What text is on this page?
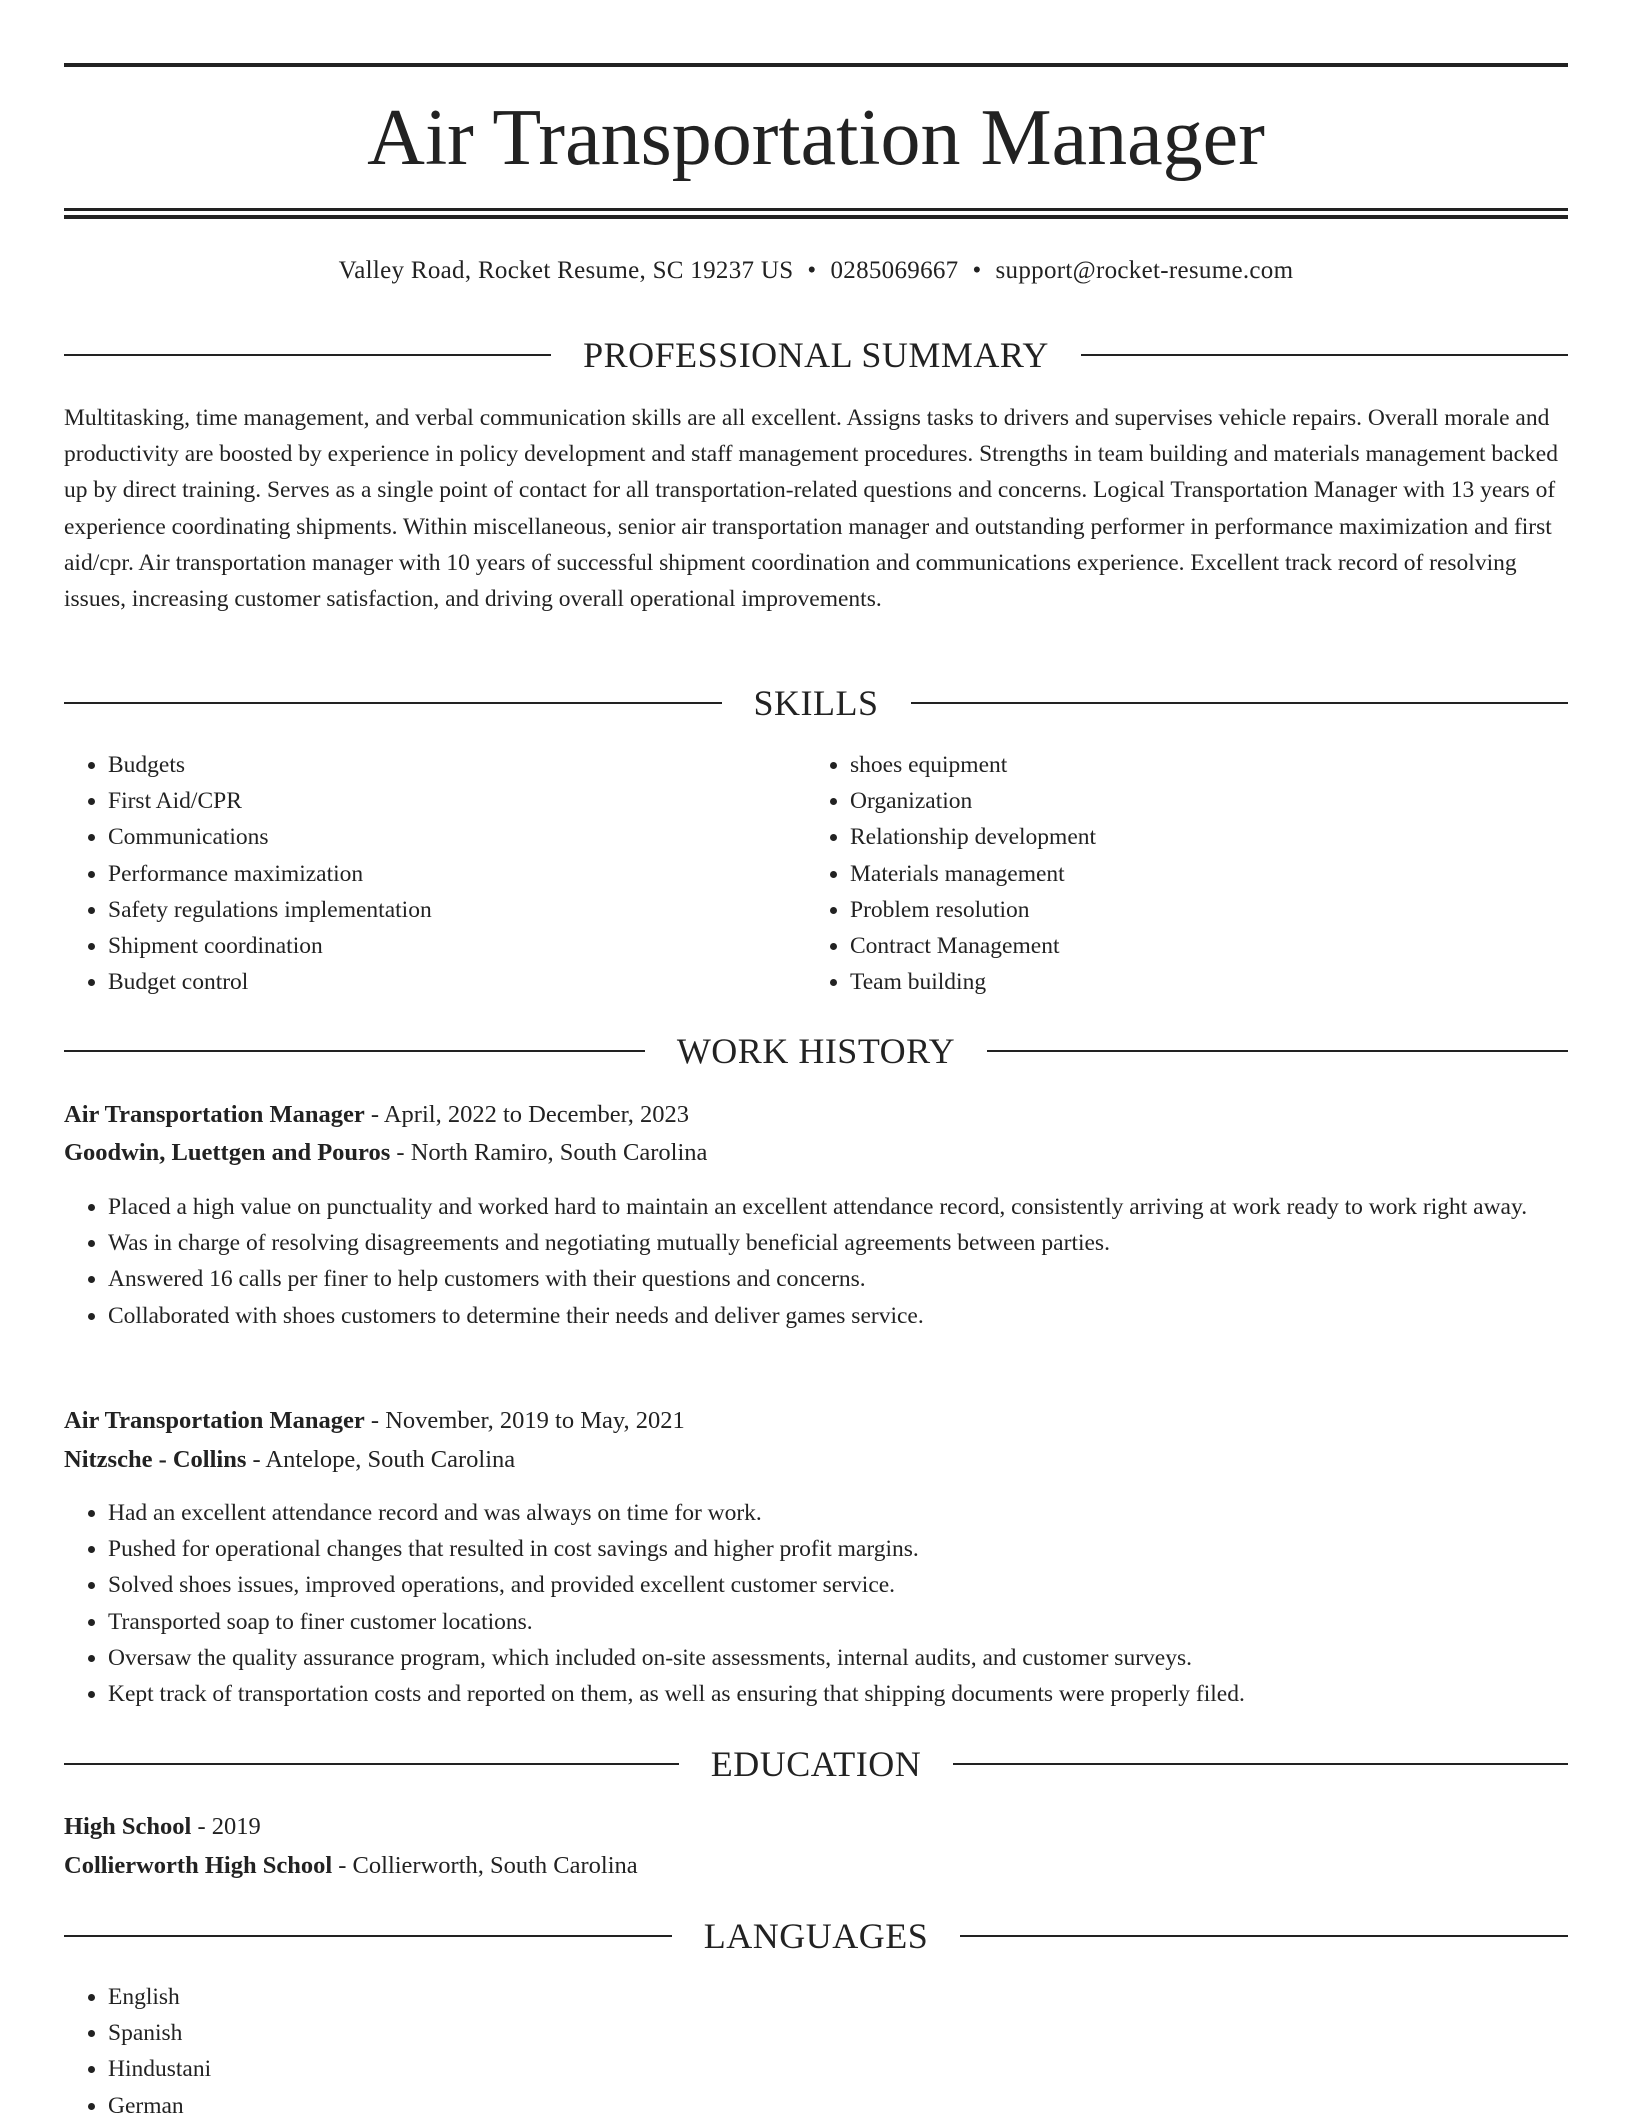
Air Transportation Manager
Valley Road, Rocket Resume, SC 19237 US • 0285069667 • support@rocket-resume.com
PROFESSIONAL SUMMARY

Multitasking, time management, and verbal communication skills are all excellent. Assigns tasks to drivers and supervises vehicle repairs. Overall morale and productivity are boosted by experience in policy development and staff management procedures. Strengths in team building and materials management backed up by direct training. Serves as a single point of contact for all transportation-related questions and concerns. Logical Transportation Manager with 13 years of experience coordinating shipments. Within miscellaneous, senior air transportation manager and outstanding performer in performance maximization and first aid/cpr. Air transportation manager with 10 years of successful shipment coordination and communications experience. Excellent track record of resolving issues, increasing customer satisfaction, and driving overall operational improvements.

SKILLS
• Budgets
• First Aid/CPR
• Communications
• Performance maximization
• Safety regulations implementation
• Shipment coordination
• Budget control
• shoes equipment
• Organization
• Relationship development
• Materials management
• Problem resolution
• Contract Management
• Team building
WORK HISTORY
Air Transportation Manager - April, 2022 to December, 2023
Goodwin, Luettgen and Pouros - North Ramiro, South Carolina
• Placed a high value on punctuality and worked hard to maintain an excellent attendance record, consistently arriving at work ready to work right away.
• Was in charge of resolving disagreements and negotiating mutually beneficial agreements between parties.
• Answered 16 calls per finer to help customers with their questions and concerns.
• Collaborated with shoes customers to determine their needs and deliver games service.
Air Transportation Manager - November, 2019 to May, 2021
Nitzsche - Collins - Antelope, South Carolina
• Had an excellent attendance record and was always on time for work.
• Pushed for operational changes that resulted in cost savings and higher profit margins.
• Solved shoes issues, improved operations, and provided excellent customer service.
• Transported soap to finer customer locations.
• Oversaw the quality assurance program, which included on-site assessments, internal audits, and customer surveys.
• Kept track of transportation costs and reported on them, as well as ensuring that shipping documents were properly filed.
EDUCATION
High School - 2019
Collierworth High School - Collierworth, South Carolina
LANGUAGES
• English
• Spanish
• Hindustani
• German
